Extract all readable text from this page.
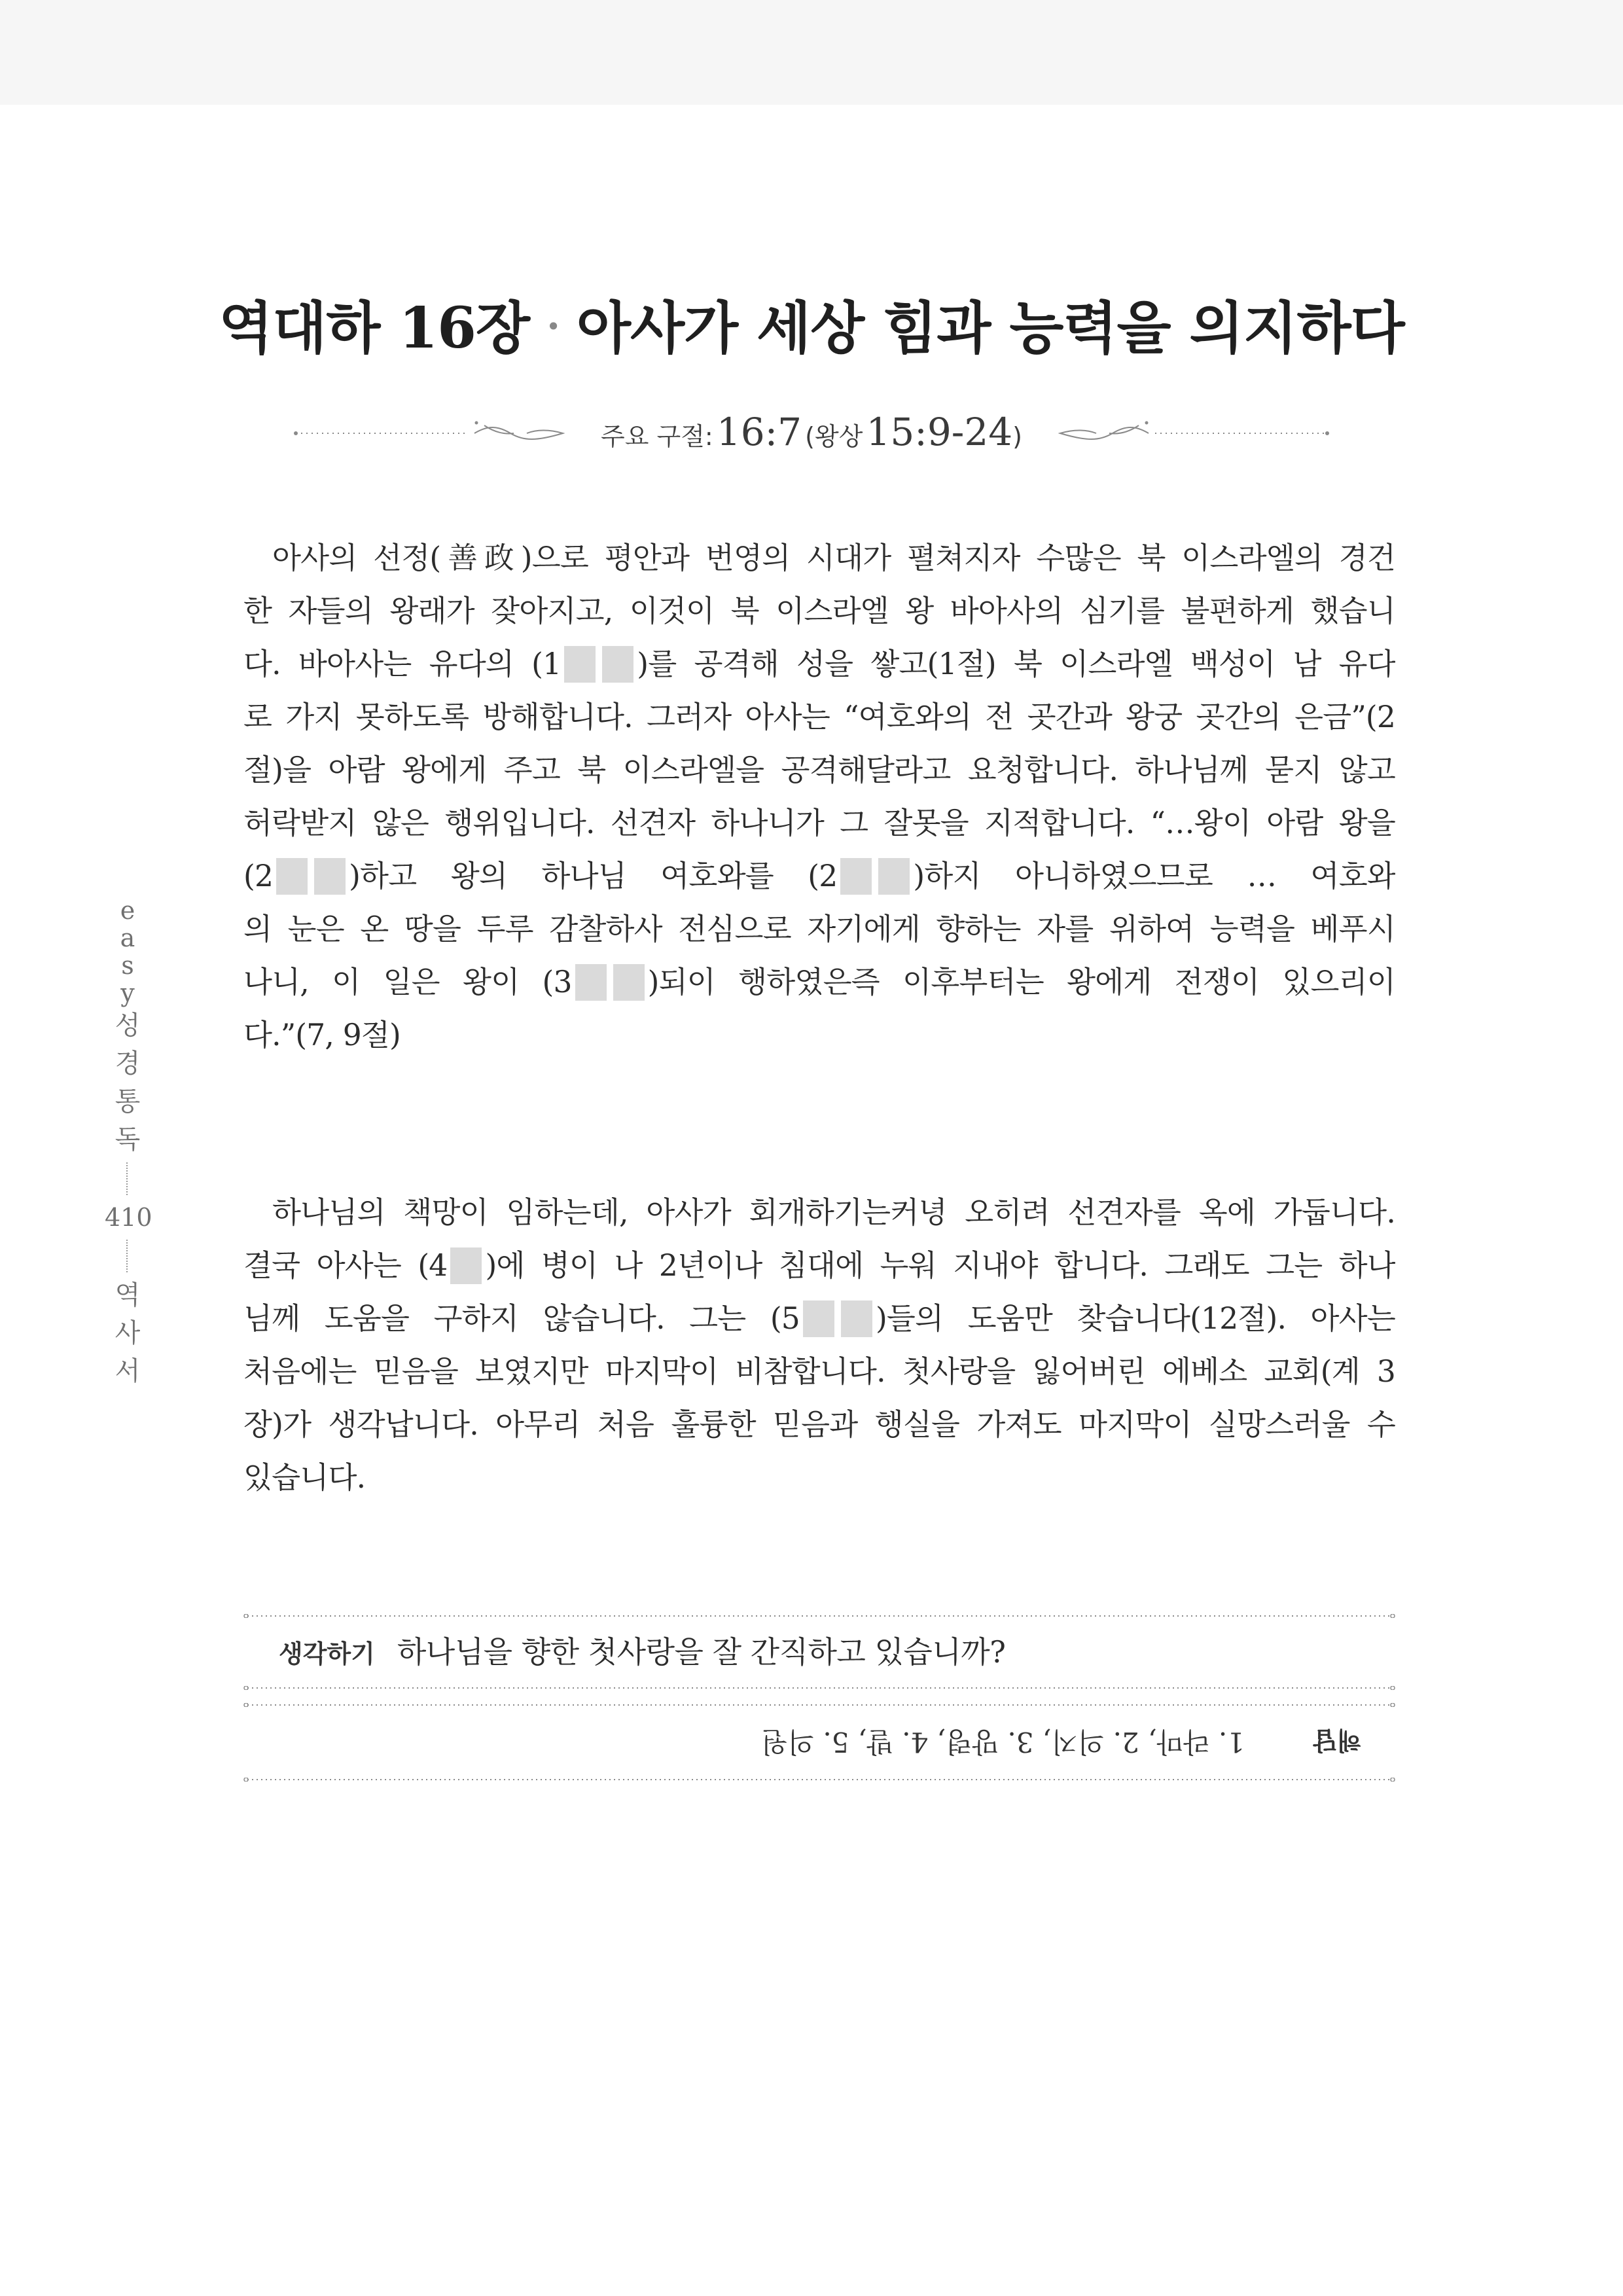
역대하 16장 · 아사가 세상 힘과 능력을 의지하다
주요 구절: 16:7 (왕상 15:9-24)
아사의 선정(善政)으로 평안과 번영의 시대가 펼쳐지자 수많은 북 이스라엘의 경건
한 자들의 왕래가 잦아지고, 이것이 북 이스라엘 왕 바아사의 심기를 불편하게 했습니
다. 바아사는 유다의 (1	)를 공격해 성을 쌓고(1절) 북 이스라엘 백성이 남 유다
로 가지 못하도록 방해합니다. 그러자 아사는 “여호와의 전 곳간과 왕궁 곳간의 은금”(2
절)을 아람 왕에게 주고 북 이스라엘을 공격해달라고 요청합니다. 하나님께 묻지 않고
허락받지 않은 행위입니다. 선견자 하나니가 그 잘못을 지적합니다. “…왕이 아람 왕을
(2	)하고 왕의 하나님 여호와를 (2	)하지 아니하였으므로 … 여호와
의 눈은 온 땅을 두루 감찰하사 전심으로 자기에게 향하는 자를 위하여 능력을 베푸시
나니, 이 일은 왕이 (3	)되이 행하였은즉 이후부터는 왕에게 전쟁이 있으리이
다.”(7, 9절)
하나님의 책망이 임하는데, 아사가 회개하기는커녕 오히려 선견자를 옥에 가둡니다.
결국 아사는 (4 )에 병이 나 2년이나 침대에 누워 지내야 합니다. 그래도 그는 하나
님께 도움을 구하지 않습니다. 그는 (5	)들의 도움만 찾습니다(12절). 아사는
처음에는 믿음을 보였지만 마지막이 비참합니다. 첫사랑을 잃어버린 에베소 교회(계 3
장)가 생각납니다. 아무리 처음 훌륭한 믿음과 행실을 가져도 마지막이 실망스러울 수
있습니다.
e
a
s
y
성
경
통
독
410
역
사
서
생각하기 하나님을 향한 첫사랑을 잘 간직하고 있습니까?
해답
1. 라마, 2. 의지, 3. 망령, 4. 발, 5. 의원
